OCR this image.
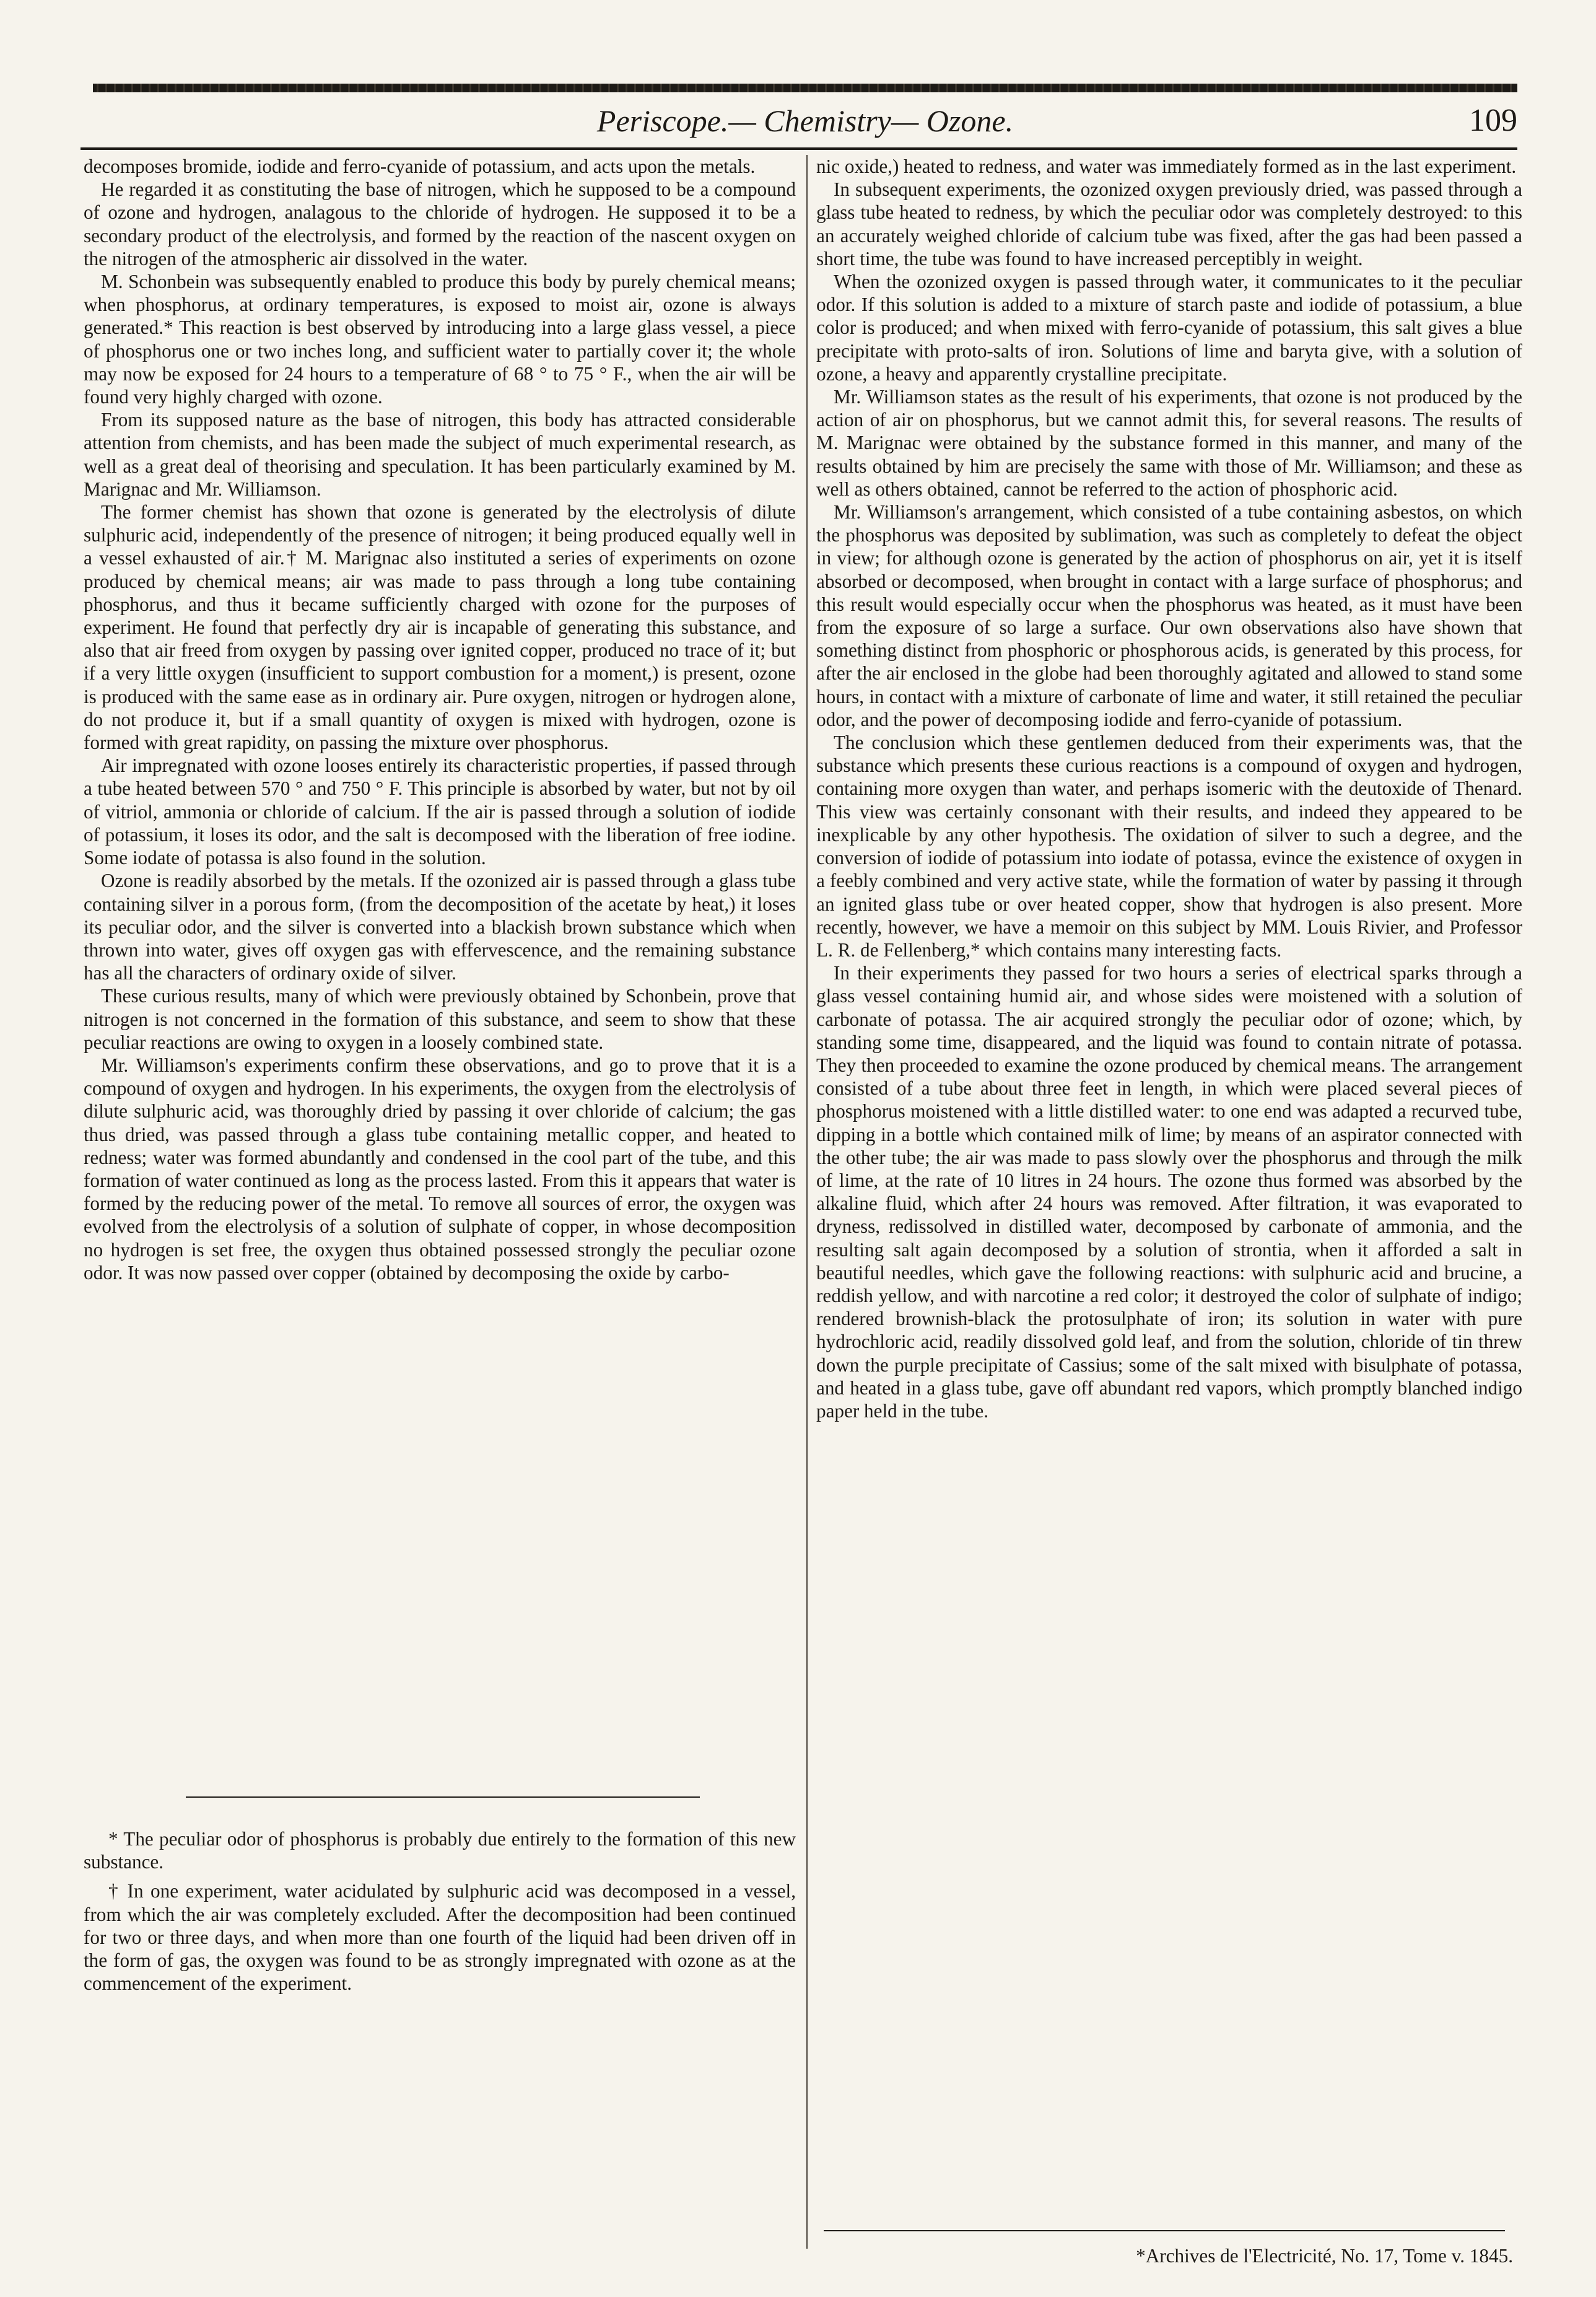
Periscope.— Chemistry— Ozone.	109

decomposes bromide, iodide and ferro-cyanide of potassium, and acts upon the metals.

He regarded it as constituting the base of nitrogen, which he supposed to be a compound of ozone and hydrogen, analagous to the chloride of hydrogen. He supposed it to be a secondary product of the electrolysis, and formed by the reaction of the nascent oxygen on the nitrogen of the atmospheric air dissolved in the water.

M. Schonbein was subsequently enabled to produce this body by purely chemical means; when phosphorus, at ordinary temperatures, is exposed to moist air, ozone is always generated.* This reaction is best observed by introducing into a large glass vessel, a piece of phosphorus one or two inches long, and sufficient water to partially cover it; the whole may now be exposed for 24 hours to a temperature of 68 ° to 75 ° F., when the air will be found very highly charged with ozone.

From its supposed nature as the base of nitrogen, this body has attracted considerable attention from chemists, and has been made the subject of much experimental research, as well as a great deal of theorising and speculation. It has been particularly examined by M. Marignac and Mr. Williamson.

The former chemist has shown that ozone is generated by the electrolysis of dilute sulphuric acid, independently of the presence of nitrogen; it being produced equally well in a vessel exhausted of air.† M. Marignac also instituted a series of experiments on ozone produced by chemical means; air was made to pass through a long tube containing phosphorus, and thus it became sufficiently charged with ozone for the purposes of experiment. He found that perfectly dry air is incapable of generating this substance, and also that air freed from oxygen by passing over ignited copper, produced no trace of it; but if a very little oxygen (insufficient to support combustion for a moment,) is present, ozone is produced with the same ease as in ordinary air. Pure oxygen, nitrogen or hydrogen alone, do not produce it, but if a small quantity of oxygen is mixed with hydrogen, ozone is formed with great rapidity, on passing the mixture over phosphorus.

Air impregnated with ozone looses entirely its characteristic properties, if passed through a tube heated between 570 ° and 750 ° F. This principle is absorbed by water, but not by oil of vitriol, ammonia or chloride of calcium. If the air is passed through a solution of iodide of potassium, it loses its odor, and the salt is decomposed with the liberation of free iodine. Some iodate of potassa is also found in the solution.

Ozone is readily absorbed by the metals. If the ozonized air is passed through a glass tube containing silver in a porous form, (from the decomposition of the acetate by heat,) it loses its peculiar odor, and the silver is converted into a blackish brown substance which when thrown into water, gives off oxygen gas with effervescence, and the remaining substance has all the characters of ordinary oxide of silver.

These curious results, many of which were previously obtained by Schonbein, prove that nitrogen is not concerned in the formation of this substance, and seem to show that these peculiar reactions are owing to oxygen in a loosely combined state.

Mr. Williamson's experiments confirm these observations, and go to prove that it is a compound of oxygen and hydrogen. In his experiments, the oxygen from the electrolysis of dilute sulphuric acid, was thoroughly dried by passing it over chloride of calcium; the gas thus dried, was passed through a glass tube containing metallic copper, and heated to redness; water was formed abundantly and condensed in the cool part of the tube, and this formation of water continued as long as the process lasted. From this it appears that water is formed by the reducing power of the metal. To remove all sources of error, the oxygen was evolved from the electrolysis of a solution of sulphate of copper, in whose decomposition no hydrogen is set free, the oxygen thus obtained possessed strongly the peculiar ozone odor. It was now passed over copper (obtained by decomposing the oxide by carbo-

nic oxide,) heated to redness, and water was immediately formed as in the last experiment.

In subsequent experiments, the ozonized oxygen previously dried, was passed through a glass tube heated to redness, by which the peculiar odor was completely destroyed: to this an accurately weighed chloride of calcium tube was fixed, after the gas had been passed a short time, the tube was found to have increased perceptibly in weight.

When the ozonized oxygen is passed through water, it communicates to it the peculiar odor. If this solution is added to a mixture of starch paste and iodide of potassium, a blue color is produced; and when mixed with ferro-cyanide of potassium, this salt gives a blue precipitate with proto-salts of iron. Solutions of lime and baryta give, with a solution of ozone, a heavy and apparently crystalline precipitate.

Mr. Williamson states as the result of his experiments, that ozone is not produced by the action of air on phosphorus, but we cannot admit this, for several reasons. The results of M. Marignac were obtained by the substance formed in this manner, and many of the results obtained by him are precisely the same with those of Mr. Williamson; and these as well as others obtained, cannot be referred to the action of phosphoric acid.

Mr. Williamson's arrangement, which consisted of a tube containing asbestos, on which the phosphorus was deposited by sublimation, was such as completely to defeat the object in view; for although ozone is generated by the action of phosphorus on air, yet it is itself absorbed or decomposed, when brought in contact with a large surface of phosphorus; and this result would especially occur when the phosphorus was heated, as it must have been from the exposure of so large a surface. Our own observations also have shown that something distinct from phosphoric or phosphorous acids, is generated by this process, for after the air enclosed in the globe had been thoroughly agitated and allowed to stand some hours, in contact with a mixture of carbonate of lime and water, it still retained the peculiar odor, and the power of decomposing iodide and ferro-cyanide of potassium.

The conclusion which these gentlemen deduced from their experiments was, that the substance which presents these curious reactions is a compound of oxygen and hydrogen, containing more oxygen than water, and perhaps isomeric with the deutoxide of Thenard. This view was certainly consonant with their results, and indeed they appeared to be inexplicable by any other hypothesis. The oxidation of silver to such a degree, and the conversion of iodide of potassium into iodate of potassa, evince the existence of oxygen in a feebly combined and very active state, while the formation of water by passing it through an ignited glass tube or over heated copper, show that hydrogen is also present. More recently, however, we have a memoir on this subject by MM. Louis Rivier, and Professor L. R. de Fellenberg,* which contains many interesting facts.

In their experiments they passed for two hours a series of electrical sparks through a glass vessel containing humid air, and whose sides were moistened with a solution of carbonate of potassa. The air acquired strongly the peculiar odor of ozone; which, by standing some time, disappeared, and the liquid was found to contain nitrate of potassa. They then proceeded to examine the ozone produced by chemical means. The arrangement consisted of a tube about three feet in length, in which were placed several pieces of phosphorus moistened with a little distilled water: to one end was adapted a recurved tube, dipping in a bottle which contained milk of lime; by means of an aspirator connected with the other tube; the air was made to pass slowly over the phosphorus and through the milk of lime, at the rate of 10 litres in 24 hours. The ozone thus formed was absorbed by the alkaline fluid, which after 24 hours was removed. After filtration, it was evaporated to dryness, redissolved in distilled water, decomposed by carbonate of ammonia, and the resulting salt again decomposed by a solution of strontia, when it afforded a salt in beautiful needles, which gave the following reactions: with sulphuric acid and brucine, a reddish yellow, and with narcotine a red color; it destroyed the color of sulphate of indigo; rendered brownish-black the protosulphate of iron; its solution in water with pure hydrochloric acid, readily dissolved gold leaf, and from the solution, chloride of tin threw down the purple precipitate of Cassius; some of the salt mixed with bisulphate of potassa, and heated in a glass tube, gave off abundant red vapors, which promptly blanched indigo paper held in the tube.

* The peculiar odor of phosphorus is probably due entirely to the formation of this new substance.

† In one experiment, water acidulated by sulphuric acid was decomposed in a vessel, from which the air was completely excluded. After the decomposition had been continued for two or three days, and when more than one fourth of the liquid had been driven off in the form of gas, the oxygen was found to be as strongly impregnated with ozone as at the commencement of the experiment.

*Archives de l'Electricité, No. 17, Tome v. 1845.
